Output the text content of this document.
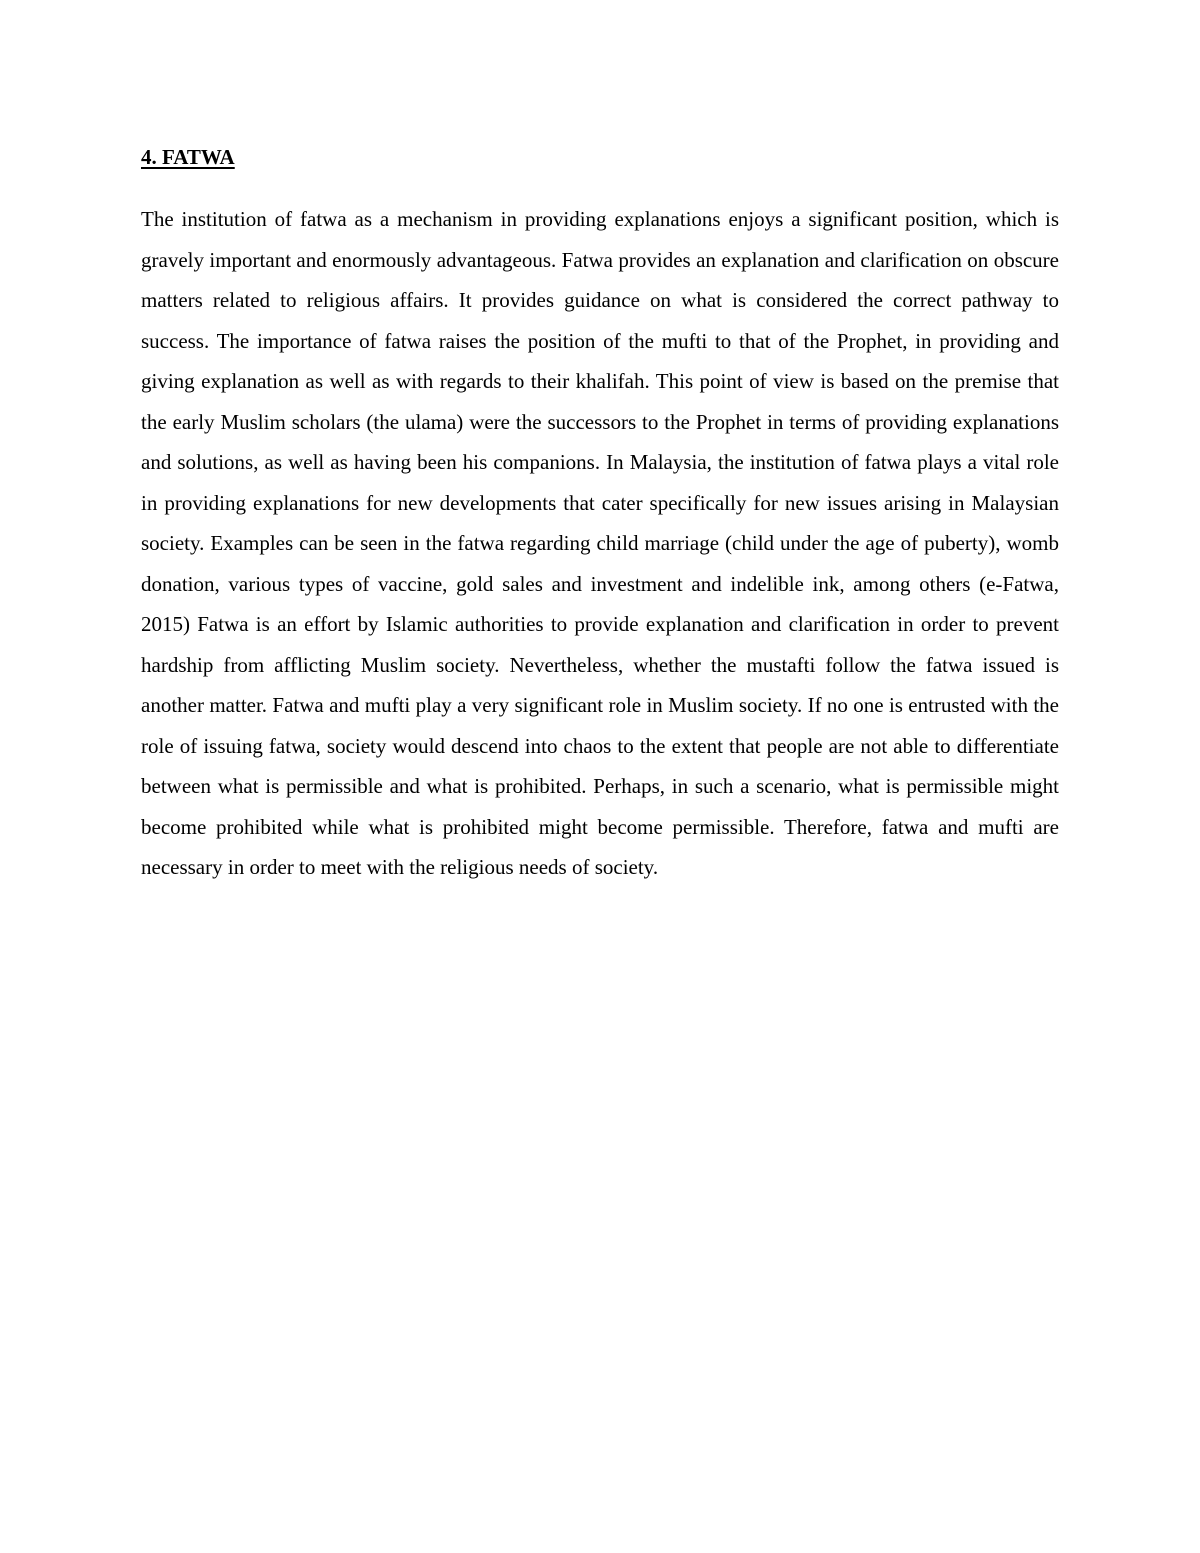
4. FATWA

The institution of fatwa as a mechanism in providing explanations enjoys a significant position, which is gravely important and enormously advantageous. Fatwa provides an explanation and clarification on obscure matters related to religious affairs. It provides guidance on what is considered the correct pathway to success. The importance of fatwa raises the position of the mufti to that of the Prophet, in providing and giving explanation as well as with regards to their khalifah. This point of view is based on the premise that the early Muslim scholars (the ulama) were the successors to the Prophet in terms of providing explanations and solutions, as well as having been his companions. In Malaysia, the institution of fatwa plays a vital role in providing explanations for new developments that cater specifically for new issues arising in Malaysian society. Examples can be seen in the fatwa regarding child marriage (child under the age of puberty), womb donation, various types of vaccine, gold sales and investment and indelible ink, among others (e-Fatwa, 2015) Fatwa is an effort by Islamic authorities to provide explanation and clarification in order to prevent hardship from afflicting Muslim society. Nevertheless, whether the mustafti follow the fatwa issued is another matter. Fatwa and mufti play a very significant role in Muslim society. If no one is entrusted with the role of issuing fatwa, society would descend into chaos to the extent that people are not able to differentiate between what is permissible and what is prohibited. Perhaps, in such a scenario, what is permissible might become prohibited while what is prohibited might become permissible. Therefore, fatwa and mufti are necessary in order to meet with the religious needs of society.
